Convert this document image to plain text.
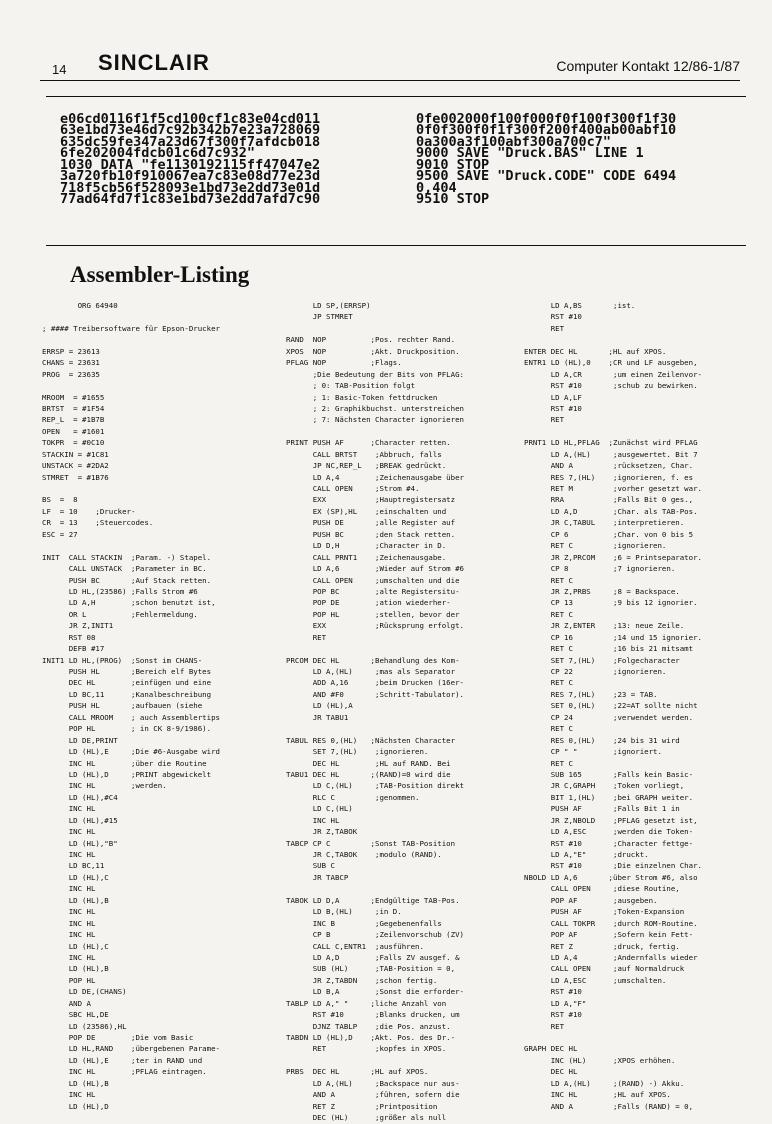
14 SINCLAIR	Computer Kontakt 12/86-1/87
e06cd0116f1f5cd100cf1c83e04cd011
63e1bd73e46d7c92b342b7e23a728069
635dc59fe347a23d67f300f7afdcb018
6fe202004fdcb01c6d7c932"
1030 DATA "fe1130192115ff47047e2
3a720fb10f910067ea7c83e08d77e23d
718f5cb56f528093e1bd73e2dd73e01d
77ad64fd7f1c83e1bd73e2dd7afd7c90
0fe002000f100f000f0f100f300f1f30
0f0f300f0f1f300f200f400ab00abf10
0a300a3f100abf300a700c7"
9000 SAVE "Druck.BAS" LINE 1
9010 STOP
9500 SAVE "Druck.CODE" CODE 6494
0,404
9510 STOP
Assembler-Listing
ORG 64940
; #### Treibersoftware für Epson-Drucker
ERRSP = 23613
CHANS = 23631
PROG  = 23635
MROOM  = #1655
BRTST  = #1F54
REP_L  = #1B7B
OPEN   = #1601
TOKPR  = #0C10
STACKIN = #1C81
UNSTACK = #2DA2
STMRET  = #1B76
BS  =  8
LF  = 10    ;Drucker-
CR  = 13    ;Steuercodes.
ESC = 27
INIT  CALL STACKIN  ;Param. -) Stapel.
CALL UNSTACK  ;Parameter in BC.
PUSH BC       ;Auf Stack retten.
LD HL,(23586) ;Falls Strom #6
LD A,H        ;schon benutzt ist,
OR L          ;Fehlermeldung.
JR Z,INIT1
RST 08
DEFB #17
INIT1 LD HL,(PROG)  ;Sonst im CHANS-
PUSH HL       ;Bereich elf Bytes
DEC HL        ;einfügen und eine
LD BC,11      ;Kanalbeschreibung
PUSH HL       ;aufbauen (siehe
CALL MROOM    ; auch Assemblertips
POP HL        ; in CK 8-9/1986).
LD DE,PRINT
LD (HL),E     ;Die #6-Ausgabe wird
INC HL        ;über die Routine
LD (HL),D     ;PRINT abgewickelt
INC HL        ;werden.
LD (HL),#C4
INC HL
LD (HL),#15
INC HL
LD (HL),"B"
INC HL
LD BC,11
LD (HL),C
INC HL
LD (HL),B
INC HL
INC HL
INC HL
LD (HL),C
INC HL
LD (HL),B
POP HL
LD DE,(CHANS)
AND A
SBC HL,DE
LD (23586),HL
POP DE        ;Die vom Basic
LD HL,RAND    ;übergebenen Parame-
LD (HL),E     ;ter in RAND und
INC HL        ;PFLAG eintragen.
LD (HL),B
INC HL
LD (HL),D
LD SP,(ERRSP)
JP STMRET
RAND  NOP          ;Pos. rechter Rand.
XPOS  NOP          ;Akt. Druckposition.
PFLAG NOP          ;Flags.
;Die Bedeutung der Bits von PFLAG:
; 0: TAB-Position folgt
; 1: Basic-Token fettdrucken
; 2: Graphikbuchst. unterstreichen
; 7: Nächsten Character ignorieren
PRINT PUSH AF      ;Character retten.
CALL BRTST    ;Abbruch, falls
JP NC,REP_L   ;BREAK gedrückt.
LD A,4        ;Zeichenausgabe über
CALL OPEN     ;Strom #4.
EXX           ;Hauptregistersatz
EX (SP),HL    ;einschalten und
PUSH DE       ;alle Register auf
PUSH BC       ;den Stack retten.
LD D,H        ;Character in D.
CALL PRNT1    ;Zeichenausgabe.
LD A,6        ;Wieder auf Strom #6
CALL OPEN     ;umschalten und die
POP BC        ;alte Registersitu-
POP DE        ;ation wiederher-
POP HL        ;stellen, bevor der
EXX           ;Rücksprung erfolgt.
RET
PRCOM DEC HL       ;Behandlung des Kom-
LD A,(HL)     ;mas als Separator
ADD A,16      ;beim Drucken (16er-
AND #F0       ;Schritt-Tabulator).
LD (HL),A
JR TABU1
TABUL RES 0,(HL)   ;Nächsten Character
SET 7,(HL)    ;ignorieren.
DEC HL        ;HL auf RAND. Bei
TABU1 DEC HL       ;(RAND)=0 wird die
LD C,(HL)     ;TAB-Position direkt
RLC C         ;genommen.
LD C,(HL)
INC HL
JR Z,TABOK
TABCP CP C         ;Sonst TAB-Position
JR C,TABOK    ;modulo (RAND).
SUB C
JR TABCP
TABOK LD D,A       ;Endgültige TAB-Pos.
LD B,(HL)     ;in D.
INC B         ;Gegebenenfalls
CP B          ;Zeilenvorschub (ZV)
CALL C,ENTR1  ;ausführen.
LD A,D        ;Falls ZV ausgef. &
SUB (HL)      ;TAB-Position = 0,
JR Z,TABDN    ;schon fertig.
LD B,A        ;Sonst die erforder-
TABLP LD A," "     ;liche Anzahl von
RST #10       ;Blanks drucken, um
DJNZ TABLP    ;die Pos. anzust.
TABDN LD (HL),D    ;Akt. Pos. des Dr.-
RET           ;kopfes in XPOS.
PRBS  DEC HL       ;HL auf XPOS.
LD A,(HL)     ;Backspace nur aus-
AND A         ;führen, sofern die
RET Z         ;Printposition
DEC (HL)      ;größer als null
LD A,BS       ;ist.
RST #10
RET
ENTER DEC HL       ;HL auf XPOS.
ENTR1 LD (HL),0    ;CR und LF ausgeben,
LD A,CR       ;um einen Zeilenvor-
RST #10       ;schub zu bewirken.
LD A,LF
RST #10
RET
PRNT1 LD HL,PFLAG  ;Zunächst wird PFLAG
LD A,(HL)     ;ausgewertet. Bit 7
AND A         ;rücksetzen, Char.
RES 7,(HL)    ;ignorieren, f. es
RET M         ;vorher gesetzt war.
RRA           ;Falls Bit 0 ges.,
LD A,D        ;Char. als TAB-Pos.
JR C,TABUL    ;interpretieren.
CP 6          ;Char. von 0 bis 5
RET C         ;ignorieren.
JR Z,PRCOM    ;6 = Printseparator.
CP 8          ;7 ignorieren.
RET C
JR Z,PRBS     ;8 = Backspace.
CP 13         ;9 bis 12 ignorier.
RET C
JR Z,ENTER    ;13: neue Zeile.
CP 16         ;14 und 15 ignorier.
RET C         ;16 bis 21 mitsamt
SET 7,(HL)    ;Folgecharacter
CP 22         ;ignorieren.
RET C
RES 7,(HL)    ;23 = TAB.
SET 0,(HL)    ;22=AT sollte nicht
CP 24         ;verwendet werden.
RET C
RES 0,(HL)    ;24 bis 31 wird
CP " "        ;ignoriert.
RET C
SUB 165       ;Falls kein Basic-
JR C,GRAPH    ;Token vorliegt,
BIT 1,(HL)    ;bei GRAPH weiter.
PUSH AF       ;Falls Bit 1 in
JR Z,NBOLD    ;PFLAG gesetzt ist,
LD A,ESC      ;werden die Token-
RST #10       ;Character fettge-
LD A,"E"      ;druckt.
RST #10       ;Die einzelnen Char.
NBOLD LD A,6       ;über Strom #6, also
CALL OPEN     ;diese Routine,
POP AF        ;ausgeben.
PUSH AF       ;Token-Expansion
CALL TOKPR    ;durch ROM-Routine.
POP AF        ;Sofern kein Fett-
RET Z         ;druck, fertig.
LD A,4        ;Andernfalls wieder
CALL OPEN     ;auf Normaldruck
LD A,ESC      ;umschalten.
RST #10
LD A,"F"
RST #10
RET
GRAPH DEC HL
INC (HL)      ;XPOS erhöhen.
DEC HL
LD A,(HL)     ;(RAND) -) Akku.
INC HL        ;HL auf XPOS.
AND A         ;Falls (RAND) = 0,
